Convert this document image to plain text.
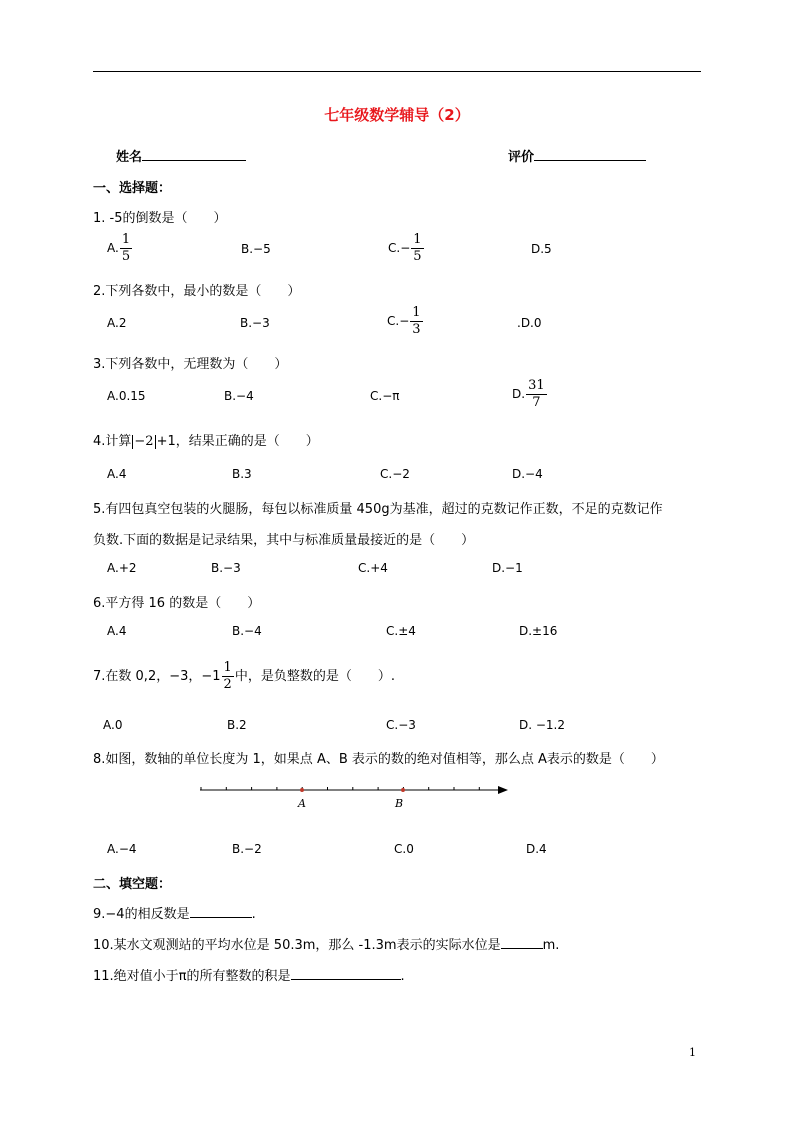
七年级数学辅导（2）
姓名	评价
一、选择题：
1. -5的倒数是（　　）
A. $\frac{1}{5}$	B.−5	$C.- \frac{1}{5}$	D.5
2.下列各数中，最小的数是（　　）
A.2	B.−3	$C.- \frac{1}{3}$	.D.0
3.下列各数中，无理数为（　　）
A.0.15	B.−4	C.−π	D. $\frac{31}{7}$
4.计算 −2 +1，结果正确的是（　　）
A.4	B.3	C.−2	D.−4
5.有四包真空包装的火腿肠，每包以标准质量 450g为基准，超过的克数记作正数，不足的克数记作
负数.下面的数据是记录结果，其中与标准质量最接近的是（　　）
A.+2	B.−3	C.+4	D.−1
6.平方得 16 的数是（　　）
A.4	B.−4	C.±4	D.±16
7.在数 0,2，−3，$-1 \frac{1}{2}$ 中，是负整数的是（　　）.
A.0	B.2	C.−3	D. −1.2
8.如图，数轴的单位长度为 1，如果点 A、B 表示的数的绝对值相等，那么点 A表示的数是（　　）
A	B
A.−4	B.−2	C.0	D.4
二、填空题：
9.−4的相反数是	.
10.某水文观测站的平均水位是 50.3m，那么 -1.3m表示的实际水位是	m.
11.绝对值小于π的所有整数的积是	.
1
